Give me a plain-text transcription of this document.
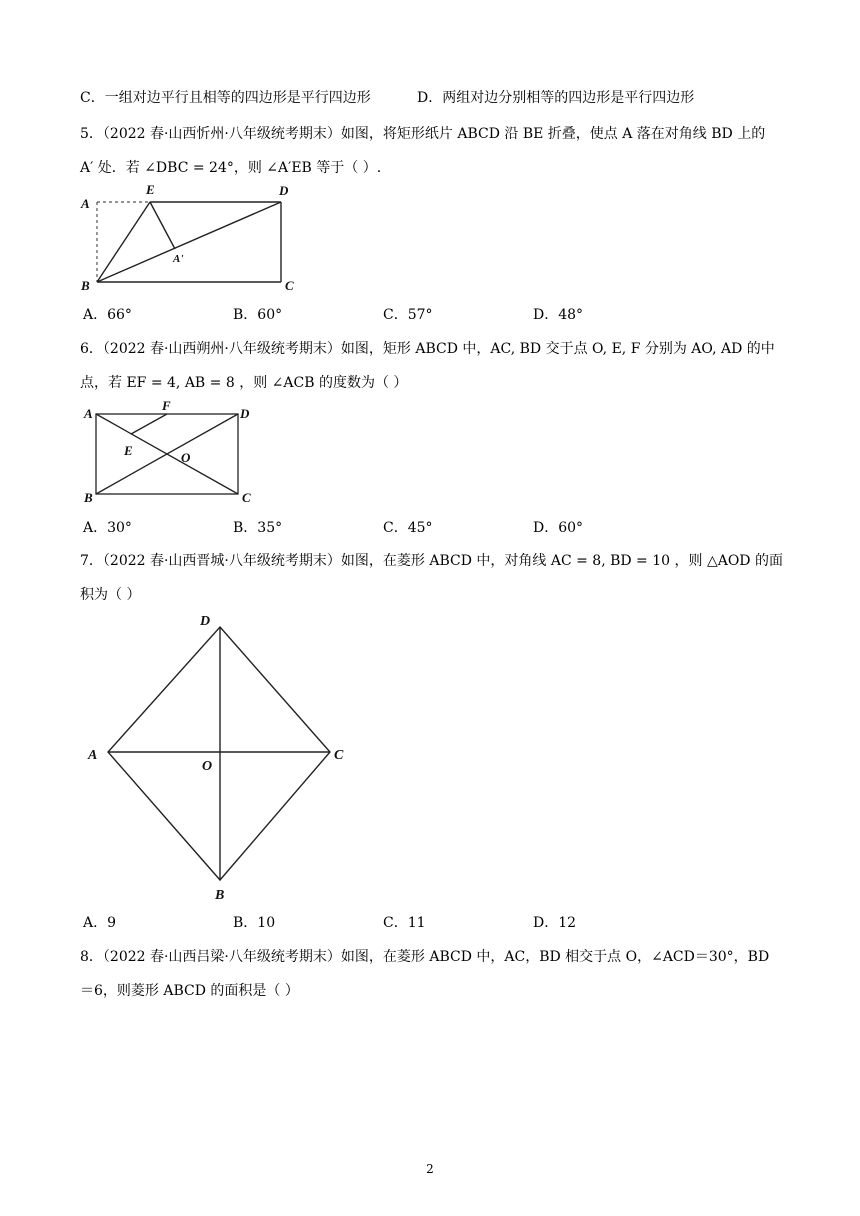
C．一组对边平行且相等的四边形是平行四边形	D．两组对边分别相等的四边形是平行四边形
5．（2022 春·山西忻州·八年级统考期末）如图，将矩形纸片 ABCD 沿 BE 折叠，使点 A 落在对角线 BD 上的
A′ 处．若 ∠DBC = 24°，则 ∠A′EB 等于（ ）.
A
E	D
A'
B	C
A．66°	B．60°	C．57°	D．48°
6．（2022 春·山西朔州·八年级统考期末）如图，矩形 ABCD 中，AC, BD 交于点 O, E, F 分别为 AO, AD 的中
点，若 EF = 4, AB = 8 ，则 ∠ACB 的度数为（ ）
A
F
D
E	O
B	C
A．30°	B．35°	C．45°	D．60°
7．（2022 春·山西晋城·八年级统考期末）如图，在菱形 ABCD 中，对角线 AC = 8, BD = 10 ，则 △AOD 的面
积为（ ）
D
A
O
C
B
A．9	B．10	C．11	D．12
8．（2022 春·山西吕梁·八年级统考期末）如图，在菱形 ABCD 中，AC，BD 相交于点 O，∠ACD＝30°，BD
＝6，则菱形 ABCD 的面积是（ ）
2
